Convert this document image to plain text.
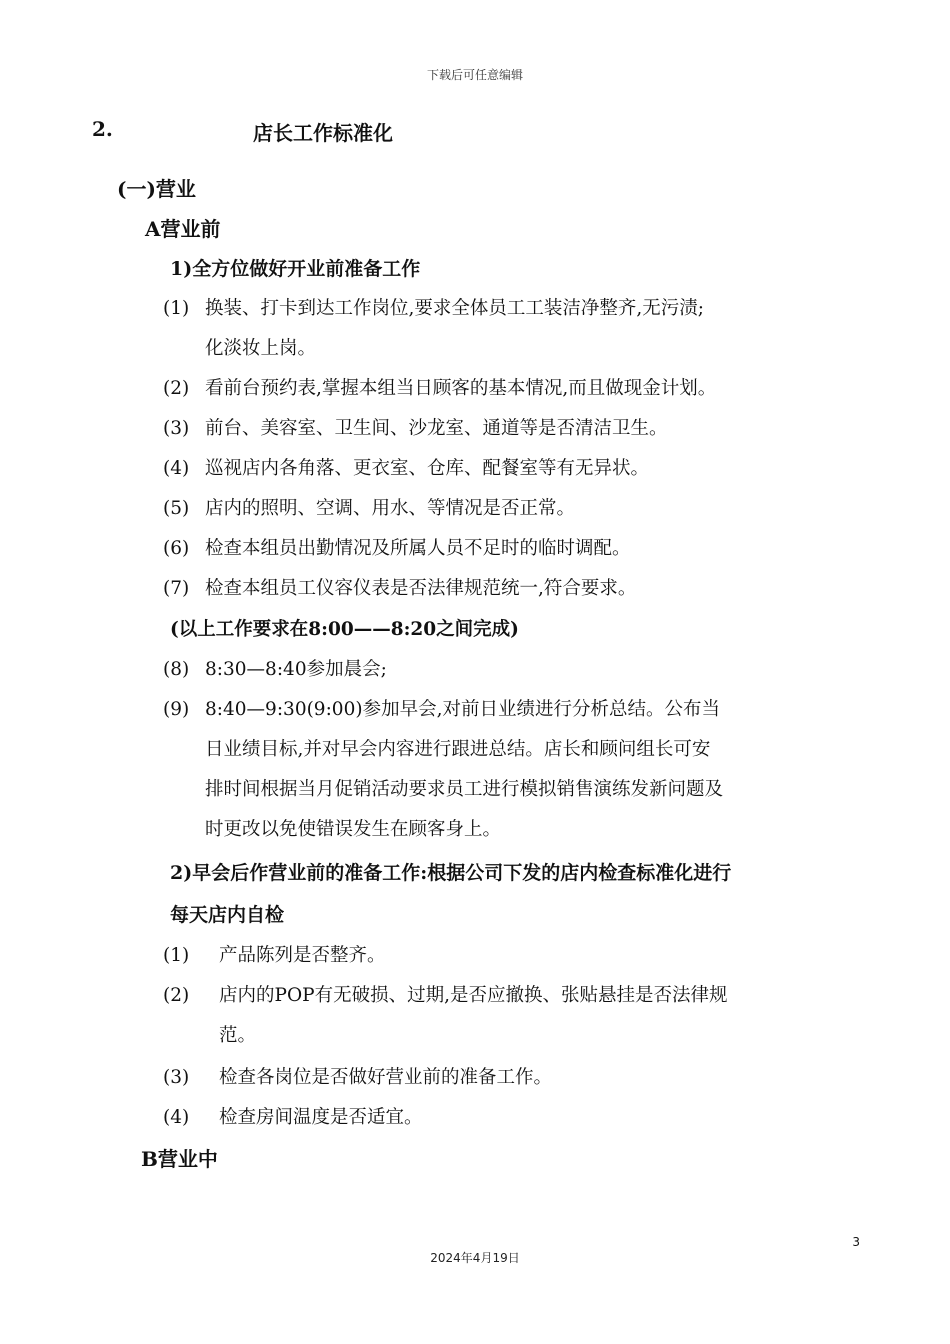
下载后可任意编辑
2.	店长工作标准化
(一)营业
A营业前
1)全方位做好开业前准备工作
(1) 换装、打卡到达工作岗位,要求全体员工工装洁净整齐,无污渍;
化淡妆上岗。
(2) 看前台预约表,掌握本组当日顾客的基本情况,而且做现金计划。
(3) 前台、美容室、卫生间、沙龙室、通道等是否清洁卫生。
(4) 巡视店内各角落、更衣室、仓库、配餐室等有无异状。
(5) 店内的照明、空调、用水、等情况是否正常。
(6) 检查本组员出勤情况及所属人员不足时的临时调配。
(7) 检查本组员工仪容仪表是否法律规范统一,符合要求。
(以上工作要求在8:00——8:20之间完成)
(8) 8:30—8:40参加晨会;
(9) 8:40—9:30(9:00)参加早会,对前日业绩进行分析总结。公布当
日业绩目标,并对早会内容进行跟进总结。店长和顾问组长可安
排时间根据当月促销活动要求员工进行模拟销售演练发新问题及
时更改以免使错误发生在顾客身上。
2)早会后作营业前的准备工作:根据公司下发的店内检查标准化进行
每天店内自检
(1) 产品陈列是否整齐。
(2) 店内的POP有无破损、过期,是否应撤换、张贴悬挂是否法律规
范。
(3) 检查各岗位是否做好营业前的准备工作。
(4) 检查房间温度是否适宜。
B营业中
3
2024年4月19日
